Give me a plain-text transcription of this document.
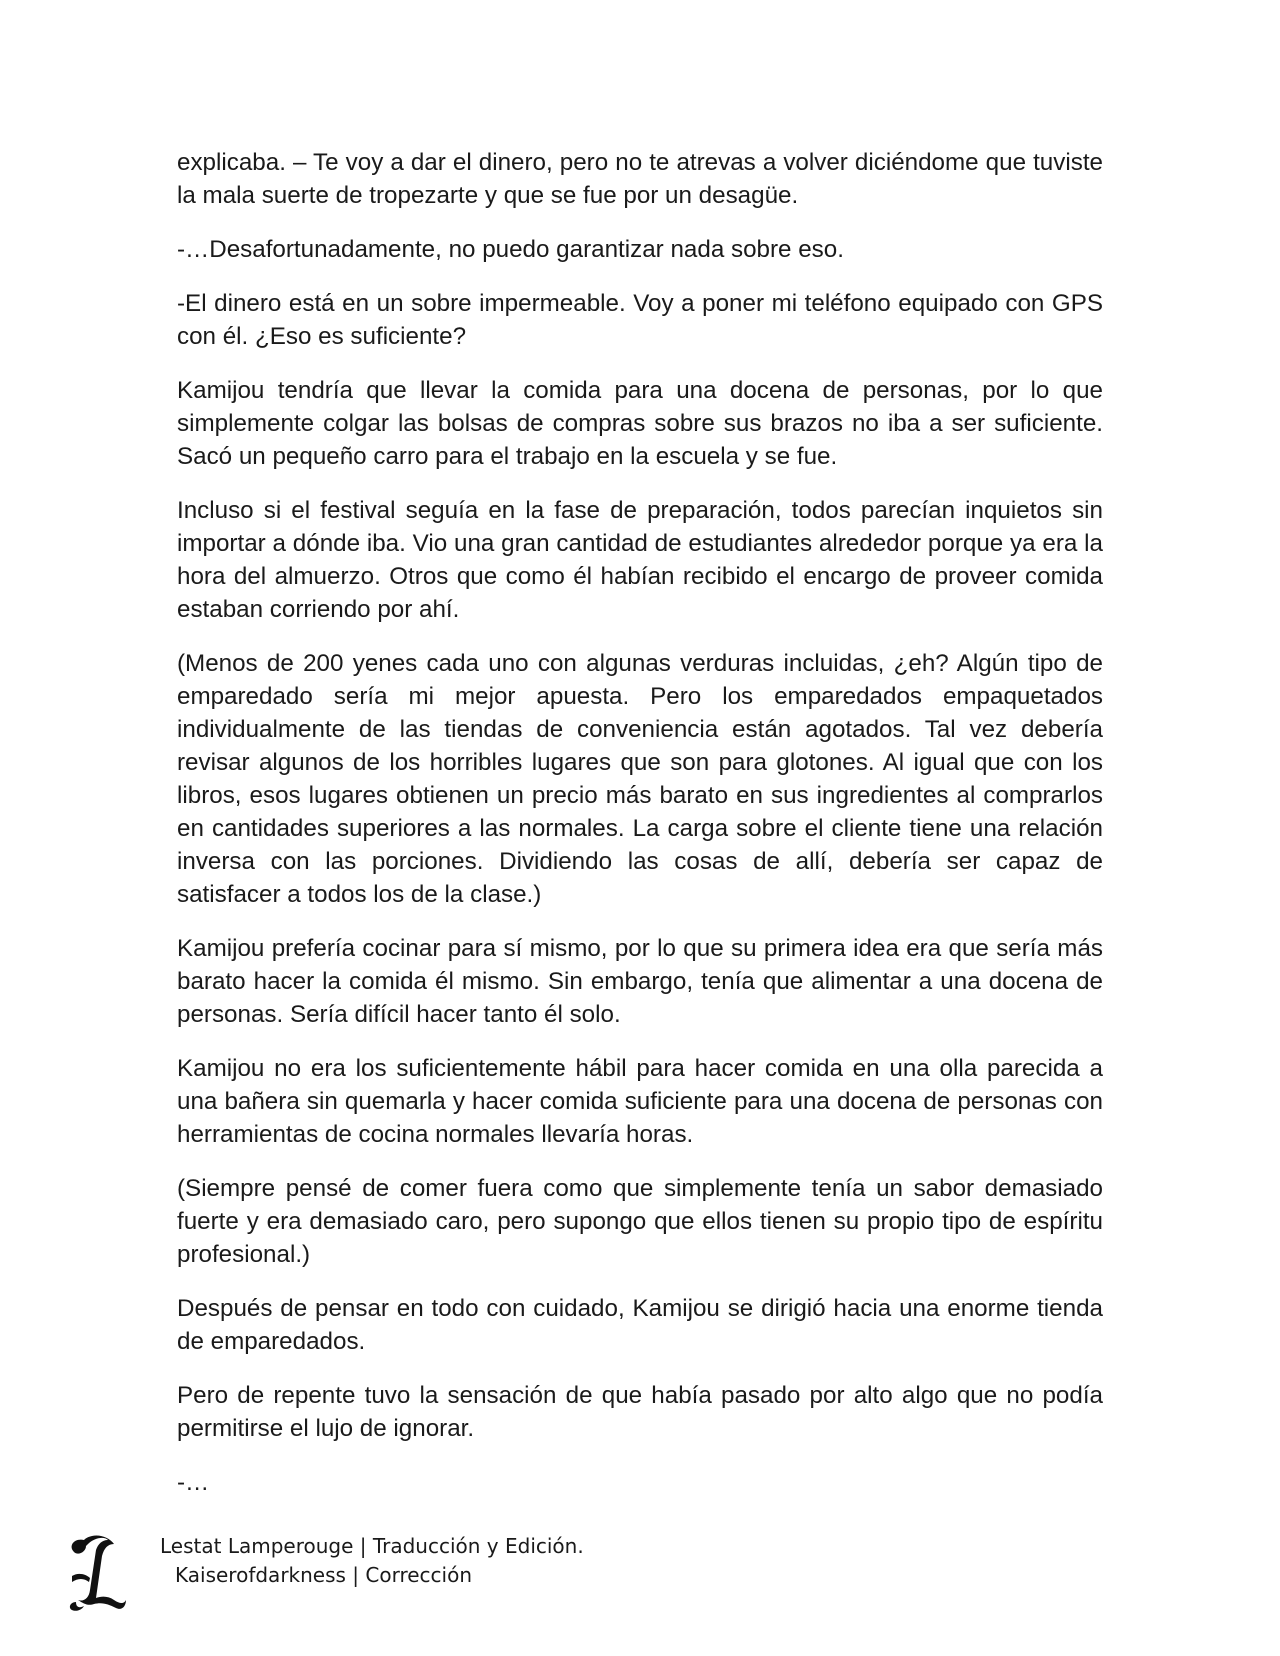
explicaba. – Te voy a dar el dinero, pero no te atrevas a volver diciéndome que tuviste la mala suerte de tropezarte y que se fue por un desagüe.

-…Desafortunadamente, no puedo garantizar nada sobre eso.

-El dinero está en un sobre impermeable. Voy a poner mi teléfono equipado con GPS con él. ¿Eso es suficiente?

Kamijou tendría que llevar la comida para una docena de personas, por lo que simplemente colgar las bolsas de compras sobre sus brazos no iba a ser suficiente. Sacó un pequeño carro para el trabajo en la escuela y se fue.

Incluso si el festival seguía en la fase de preparación, todos parecían inquietos sin importar a dónde iba. Vio una gran cantidad de estudiantes alrededor porque ya era la hora del almuerzo. Otros que como él habían recibido el encargo de proveer comida estaban corriendo por ahí.

(Menos de 200 yenes cada uno con algunas verduras incluidas, ¿eh? Algún tipo de emparedado sería mi mejor apuesta. Pero los emparedados empaquetados individualmente de las tiendas de conveniencia están agotados. Tal vez debería revisar algunos de los horribles lugares que son para glotones. Al igual que con los libros, esos lugares obtienen un precio más barato en sus ingredientes al comprarlos en cantidades superiores a las normales. La carga sobre el cliente tiene una relación inversa con las porciones. Dividiendo las cosas de allí, debería ser capaz de satisfacer a todos los de la clase.)

Kamijou prefería cocinar para sí mismo, por lo que su primera idea era que sería más barato hacer la comida él mismo. Sin embargo, tenía que alimentar a una docena de personas. Sería difícil hacer tanto él solo.

Kamijou no era los suficientemente hábil para hacer comida en una olla parecida a una bañera sin quemarla y hacer comida suficiente para una docena de personas con herramientas de cocina normales llevaría horas.

(Siempre pensé de comer fuera como que simplemente tenía un sabor demasiado fuerte y era demasiado caro, pero supongo que ellos tienen su propio tipo de espíritu profesional.)

Después de pensar en todo con cuidado, Kamijou se dirigió hacia una enorme tienda de emparedados.

Pero de repente tuvo la sensación de que había pasado por alto algo que no podía permitirse el lujo de ignorar.

-…

Lestat Lamperouge | Traducción y Edición.
Kaiserofdarkness | Corrección
